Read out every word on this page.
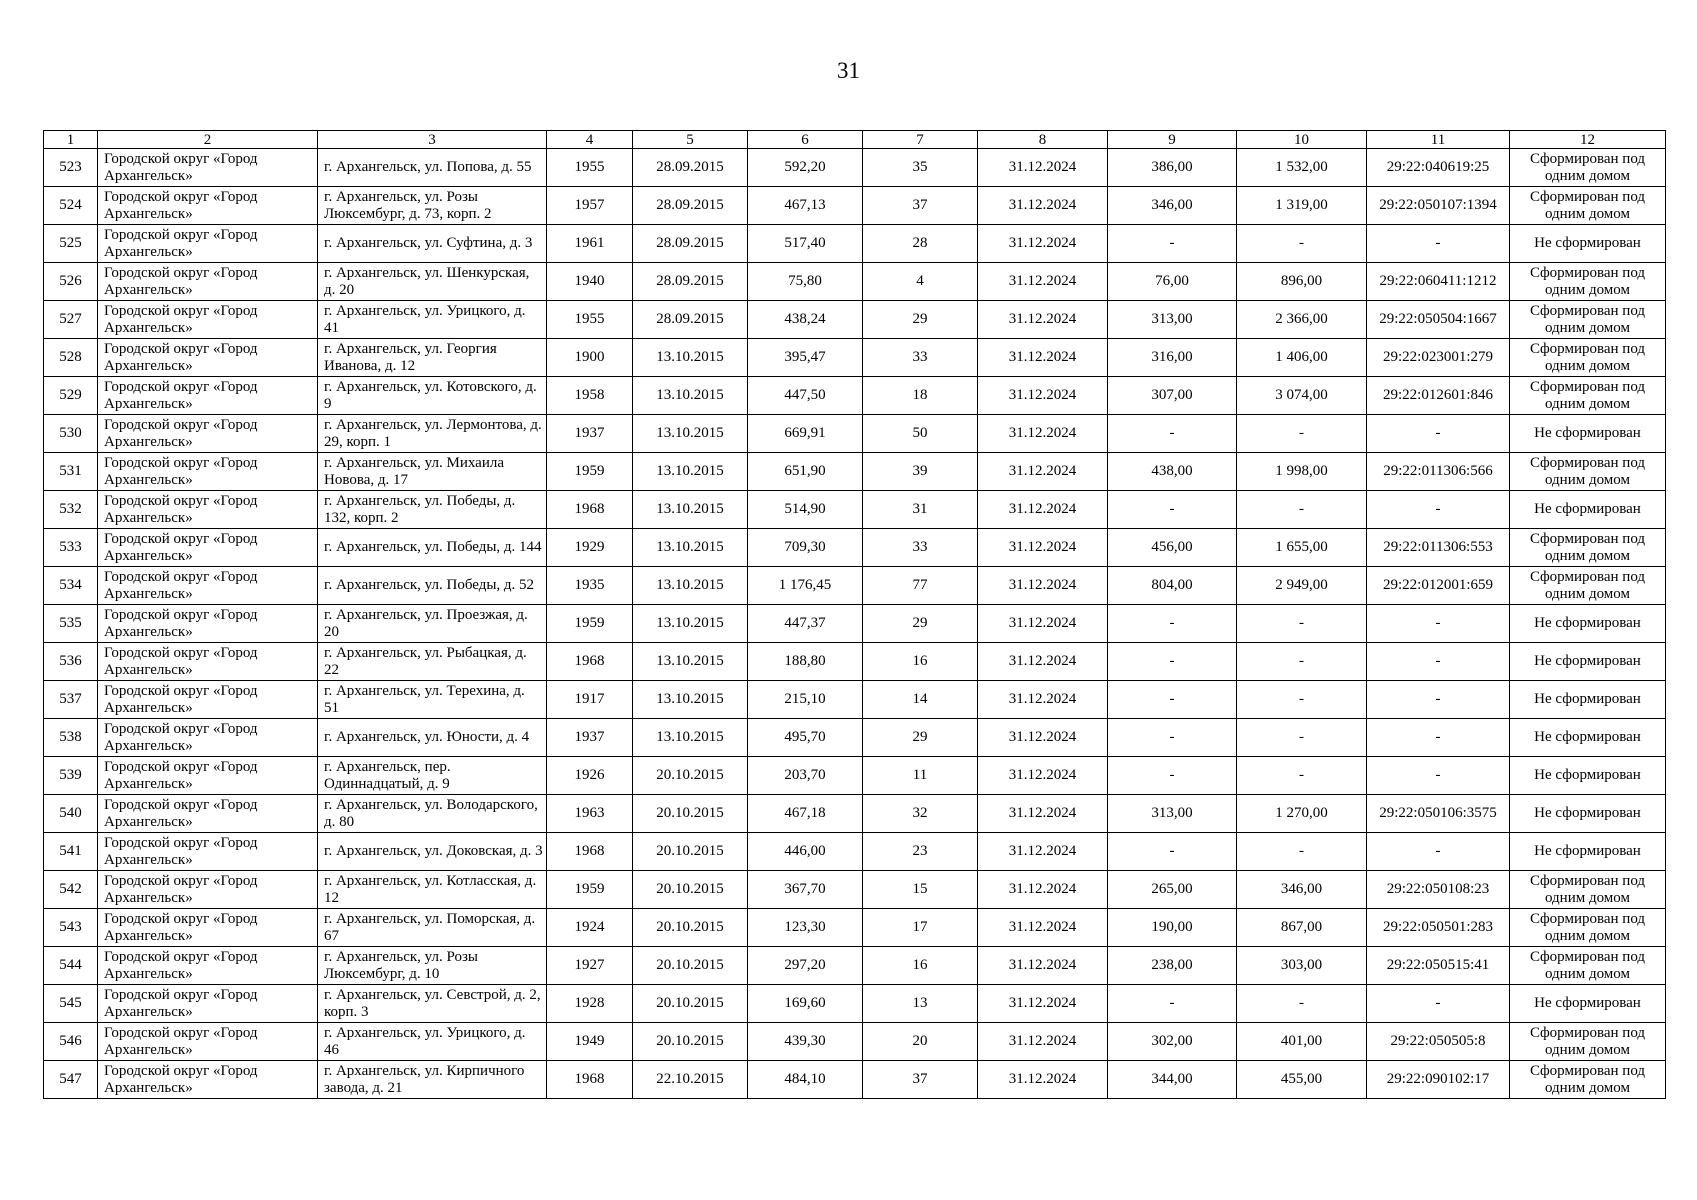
31
1	2	3	4	5	6	7	8	9	10	11	12
523	Городской округ «Город Архангельск»	г. Архангельск, ул. Попова, д. 55	1955	28.09.2015	592,20	35	31.12.2024	386,00	1 532,00	29:22:040619:25	Сформирован под одним домом
524	Городской округ «Город Архангельск»	г. Архангельск, ул. Розы Люксембург, д. 73, корп. 2	1957	28.09.2015	467,13	37	31.12.2024	346,00	1 319,00	29:22:050107:1394	Сформирован под одним домом
525	Городской округ «Город Архангельск»	г. Архангельск, ул. Суфтина, д. 3	1961	28.09.2015	517,40	28	31.12.2024	-	-	-	Не сформирован
526	Городской округ «Город Архангельск»	г. Архангельск, ул. Шенкурская, д. 20	1940	28.09.2015	75,80	4	31.12.2024	76,00	896,00	29:22:060411:1212	Сформирован под одним домом
527	Городской округ «Город Архангельск»	г. Архангельск, ул. Урицкого, д. 41	1955	28.09.2015	438,24	29	31.12.2024	313,00	2 366,00	29:22:050504:1667	Сформирован под одним домом
528	Городской округ «Город Архангельск»	г. Архангельск, ул. Георгия Иванова, д. 12	1900	13.10.2015	395,47	33	31.12.2024	316,00	1 406,00	29:22:023001:279	Сформирован под одним домом
529	Городской округ «Город Архангельск»	г. Архангельск, ул. Котовского, д. 9	1958	13.10.2015	447,50	18	31.12.2024	307,00	3 074,00	29:22:012601:846	Сформирован под одним домом
530	Городской округ «Город Архангельск»	г. Архангельск, ул. Лермонтова, д. 29, корп. 1	1937	13.10.2015	669,91	50	31.12.2024	-	-	-	Не сформирован
531	Городской округ «Город Архангельск»	г. Архангельск, ул. Михаила Новова, д. 17	1959	13.10.2015	651,90	39	31.12.2024	438,00	1 998,00	29:22:011306:566	Сформирован под одним домом
532	Городской округ «Город Архангельск»	г. Архангельск, ул. Победы, д. 132, корп. 2	1968	13.10.2015	514,90	31	31.12.2024	-	-	-	Не сформирован
533	Городской округ «Город Архангельск»	г. Архангельск, ул. Победы, д. 144	1929	13.10.2015	709,30	33	31.12.2024	456,00	1 655,00	29:22:011306:553	Сформирован под одним домом
534	Городской округ «Город Архангельск»	г. Архангельск, ул. Победы, д. 52	1935	13.10.2015	1 176,45	77	31.12.2024	804,00	2 949,00	29:22:012001:659	Сформирован под одним домом
535	Городской округ «Город Архангельск»	г. Архангельск, ул. Проезжая, д. 20	1959	13.10.2015	447,37	29	31.12.2024	-	-	-	Не сформирован
536	Городской округ «Город Архангельск»	г. Архангельск, ул. Рыбацкая, д. 22	1968	13.10.2015	188,80	16	31.12.2024	-	-	-	Не сформирован
537	Городской округ «Город Архангельск»	г. Архангельск, ул. Терехина, д. 51	1917	13.10.2015	215,10	14	31.12.2024	-	-	-	Не сформирован
538	Городской округ «Город Архангельск»	г. Архангельск, ул. Юности, д. 4	1937	13.10.2015	495,70	29	31.12.2024	-	-	-	Не сформирован
539	Городской округ «Город Архангельск»	г. Архангельск, пер. Одиннадцатый, д. 9	1926	20.10.2015	203,70	11	31.12.2024	-	-	-	Не сформирован
540	Городской округ «Город Архангельск»	г. Архангельск, ул. Володарского, д. 80	1963	20.10.2015	467,18	32	31.12.2024	313,00	1 270,00	29:22:050106:3575	Не сформирован
541	Городской округ «Город Архангельск»	г. Архангельск, ул. Доковская, д. 3	1968	20.10.2015	446,00	23	31.12.2024	-	-	-	Не сформирован
542	Городской округ «Город Архангельск»	г. Архангельск, ул. Котласская, д. 12	1959	20.10.2015	367,70	15	31.12.2024	265,00	346,00	29:22:050108:23	Сформирован под одним домом
543	Городской округ «Город Архангельск»	г. Архангельск, ул. Поморская, д. 67	1924	20.10.2015	123,30	17	31.12.2024	190,00	867,00	29:22:050501:283	Сформирован под одним домом
544	Городской округ «Город Архангельск»	г. Архангельск, ул. Розы Люксембург, д. 10	1927	20.10.2015	297,20	16	31.12.2024	238,00	303,00	29:22:050515:41	Сформирован под одним домом
545	Городской округ «Город Архангельск»	г. Архангельск, ул. Севстрой, д. 2, корп. 3	1928	20.10.2015	169,60	13	31.12.2024	-	-	-	Не сформирован
546	Городской округ «Город Архангельск»	г. Архангельск, ул. Урицкого, д. 46	1949	20.10.2015	439,30	20	31.12.2024	302,00	401,00	29:22:050505:8	Сформирован под одним домом
547	Городской округ «Город Архангельск»	г. Архангельск, ул. Кирпичного завода, д. 21	1968	22.10.2015	484,10	37	31.12.2024	344,00	455,00	29:22:090102:17	Сформирован под одним домом
